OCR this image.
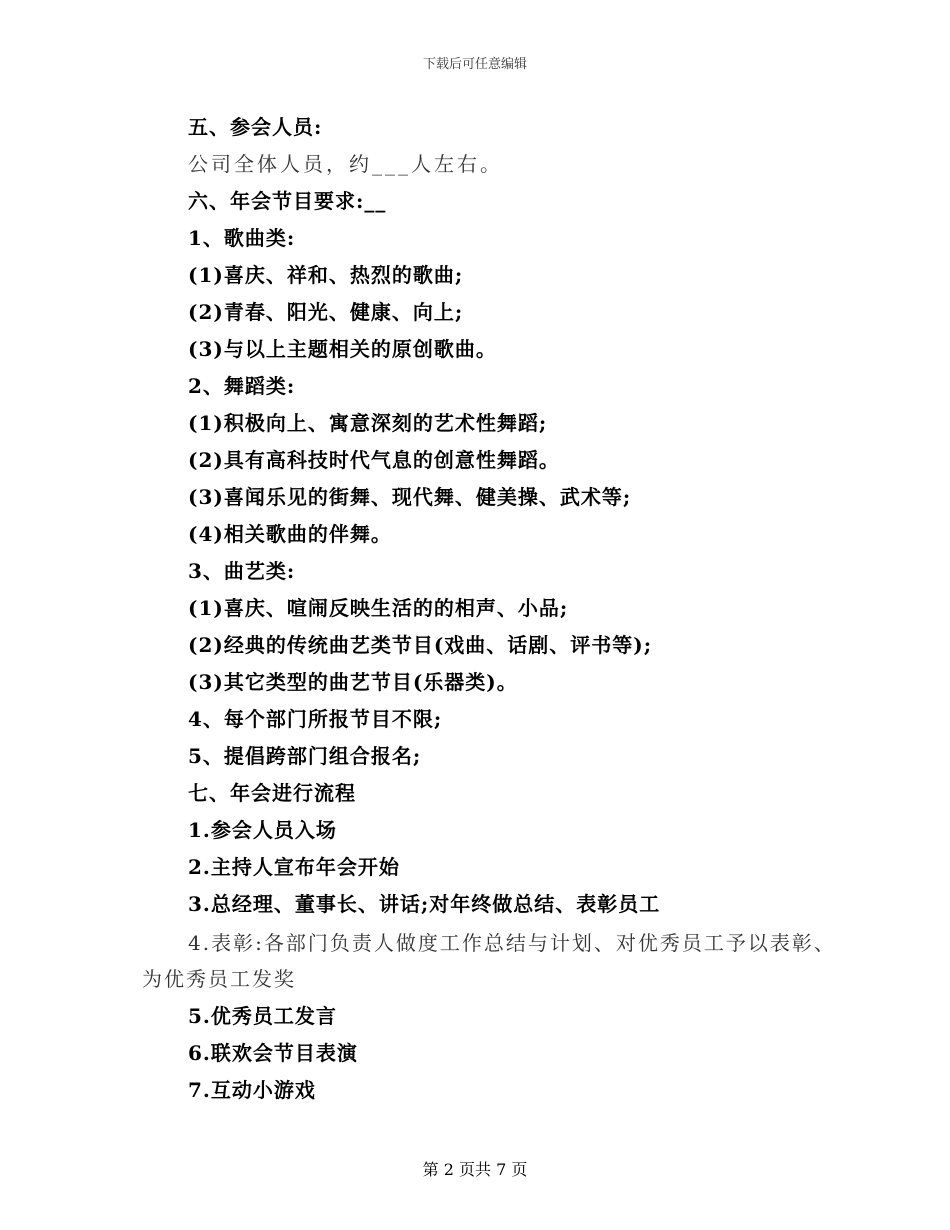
下载后可任意编辑
五、参会人员:
公司全体人员，约___人左右。
六、年会节目要求:__
1、歌曲类:
(1)喜庆、祥和、热烈的歌曲;
(2)青春、阳光、健康、向上;
(3)与以上主题相关的原创歌曲。
2、舞蹈类:
(1)积极向上、寓意深刻的艺术性舞蹈;
(2)具有高科技时代气息的创意性舞蹈。
(3)喜闻乐见的街舞、现代舞、健美操、武术等;
(4)相关歌曲的伴舞。
3、曲艺类:
(1)喜庆、喧闹反映生活的的相声、小品;
(2)经典的传统曲艺类节目(戏曲、话剧、评书等);
(3)其它类型的曲艺节目(乐器类)。
4、每个部门所报节目不限;
5、提倡跨部门组合报名;
七、年会进行流程
1.参会人员入场
2.主持人宣布年会开始
3.总经理、董事长、讲话;对年终做总结、表彰员工
4.表彰:各部门负责人做度工作总结与计划、对优秀员工予以表彰、
为优秀员工发奖
5.优秀员工发言
6.联欢会节目表演
7.互动小游戏
第 2 页共 7 页
